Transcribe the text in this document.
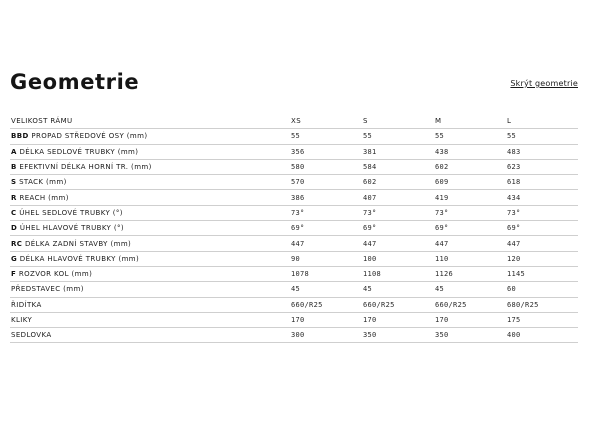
Geometrie	Skrýt geometrie
VELIKOST RÁMU	XS	S	M	L
BBD PROPAD STŘEDOVÉ OSY (mm)	55	55	55	55
A DÉLKA SEDLOVÉ TRUBKY (mm)	356	381	438	483
B EFEKTIVNÍ DÉLKA HORNÍ TR. (mm)	580	584	602	623
S STACK (mm)	570	602	609	618
R REACH (mm)	386	407	419	434
C ÚHEL SEDLOVÉ TRUBKY (°)	73°	73°	73°	73°
D ÚHEL HLAVOVÉ TRUBKY (°)	69°	69°	69°	69°
RC DÉLKA ZADNÍ STAVBY (mm)	447	447	447	447
G DÉLKA HLAVOVÉ TRUBKY (mm)	90	100	110	120
F ROZVOR KOL (mm)	1078	1108	1126	1145
PŘEDSTAVEC (mm)	45	45	45	60
ŘIDÍTKA	660/R25	660/R25	660/R25	680/R25
KLIKY	170	170	170	175
SEDLOVKA	300	350	350	400
